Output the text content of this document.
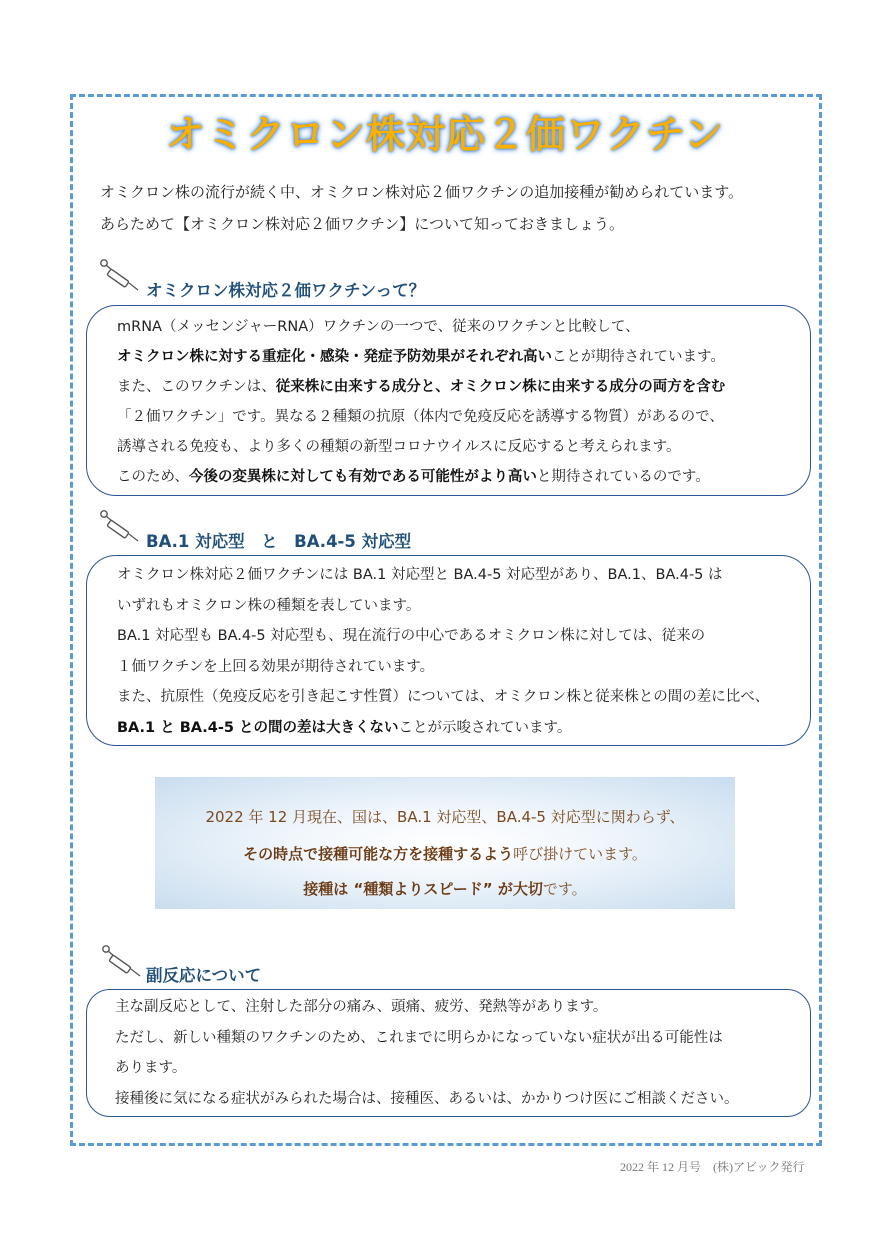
オミクロン株対応２価ワクチン

オミクロン株の流行が続く中、オミクロン株対応２価ワクチンの追加接種が勧められています。

あらためて【オミクロン株対応２価ワクチン】について知っておきましょう。

オミクロン株対応２価ワクチンって？

mRNA（メッセンジャーRNA）ワクチンの一つで、従来のワクチンと比較して、

オミクロン株に対する重症化・感染・発症予防効果がそれぞれ高いことが期待されています。

また、このワクチンは、従来株に由来する成分と、オミクロン株に由来する成分の両方を含む

「２価ワクチン」です。異なる２種類の抗原（体内で免疫反応を誘導する物質）があるので、

誘導される免疫も、より多くの種類の新型コロナウイルスに反応すると考えられます。

このため、今後の変異株に対しても有効である可能性がより高いと期待されているのです。

BA.1 対応型　と　BA.4-5 対応型

オミクロン株対応２価ワクチンには BA.1 対応型と BA.4-5 対応型があり、BA.1、BA.4-5 は

いずれもオミクロン株の種類を表しています。

BA.1 対応型も BA.4-5 対応型も、現在流行の中心であるオミクロン株に対しては、従来の

１価ワクチンを上回る効果が期待されています。

また、抗原性（免疫反応を引き起こす性質）については、オミクロン株と従来株との間の差に比べ、

BA.1 と BA.4-5 との間の差は大きくないことが示唆されています。

2022 年 12 月現在、国は、BA.1 対応型、BA.4-5 対応型に関わらず、

その時点で接種可能な方を接種するよう呼び掛けています。

接種は “種類よりスピード” が大切です。

副反応について

主な副反応として、注射した部分の痛み、頭痛、疲労、発熱等があります。

ただし、新しい種類のワクチンのため、これまでに明らかになっていない症状が出る可能性は

あります。

接種後に気になる症状がみられた場合は、接種医、あるいは、かかりつけ医にご相談ください。

2022 年 12 月号　(株)アビック発行
